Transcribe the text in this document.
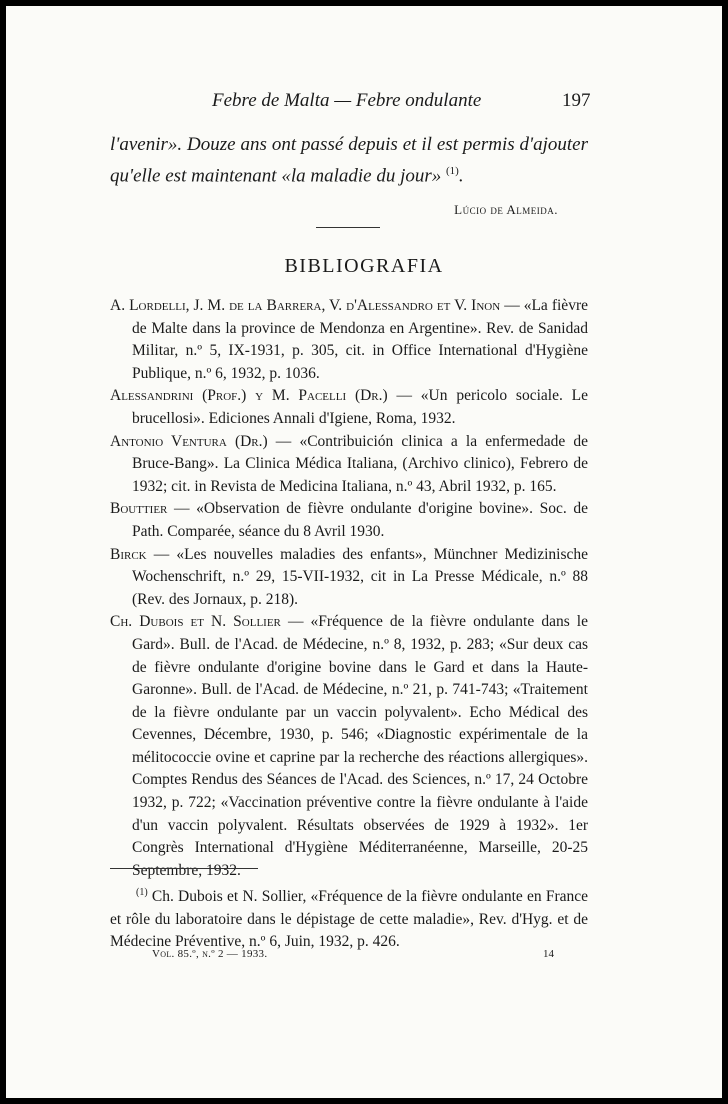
Febre de Malta — Febre ondulante	197

l'avenir». Douze ans ont passé depuis et il est permis d'ajouter qu'elle est maintenant «la maladie du jour» $^{(1)}$.

Lúcio de Almeida.
BIBLIOGRAFIA
A. Lordelli, J. M. de la Barrera, V. d'Alessandro et V. Inon — «La fièvre de Malte dans la province de Mendonza en Argentine». Rev. de Sanidad Militar, n.º 5, IX-1931, p. 305, cit. in Office International d'Hygiène Publique, n.º 6, 1932, p. 1036.
Alessandrini (Prof.) y M. Pacelli (Dr.) — «Un pericolo sociale. Le brucellosi». Ediciones Annali d'Igiene, Roma, 1932.
Antonio Ventura (Dr.) — «Contribuición clinica a la enfermedade de Bruce-Bang». La Clinica Médica Italiana, (Archivo clinico), Febrero de 1932; cit. in Revista de Medicina Italiana, n.º 43, Abril 1932, p. 165.
Bouttier — «Observation de fièvre ondulante d'origine bovine». Soc. de Path. Comparée, séance du 8 Avril 1930.
Birck — «Les nouvelles maladies des enfants», Münchner Medizinische Wochenschrift, n.º 29, 15-VII-1932, cit in La Presse Médicale, n.º 88 (Rev. des Jornaux, p. 218).
Ch. Dubois et N. Sollier — «Fréquence de la fièvre ondulante dans le Gard». Bull. de l'Acad. de Médecine, n.º 8, 1932, p. 283; «Sur deux cas de fièvre ondulante d'origine bovine dans le Gard et dans la Haute-Garonne». Bull. de l'Acad. de Médecine, n.º 21, p. 741-743; «Traitement de la fièvre ondulante par un vaccin polyvalent». Echo Médical des Cevennes, Décembre, 1930, p. 546; «Diagnostic expérimentale de la mélitococcie ovine et caprine par la recherche des réactions allergiques». Comptes Rendus des Séances de l'Acad. des Sciences, n.º 17, 24 Octobre 1932, p. 722; «Vaccination préventive contre la fièvre ondulante à l'aide d'un vaccin polyvalent. Résultats observées de 1929 à 1932». 1er Congrès International d'Hygiène Méditerranéenne, Marseille, 20-25 Septembre, 1932.

$^{(1)}$ Ch. Dubois et N. Sollier, «Fréquence de la fièvre ondulante en France et rôle du laboratoire dans le dépistage de cette maladie», Rev. d'Hyg. et de Médecine Préventive, n.º 6, Juin, 1932, p. 426.

Vol. 85.º, n.º 2 — 1933.	14
